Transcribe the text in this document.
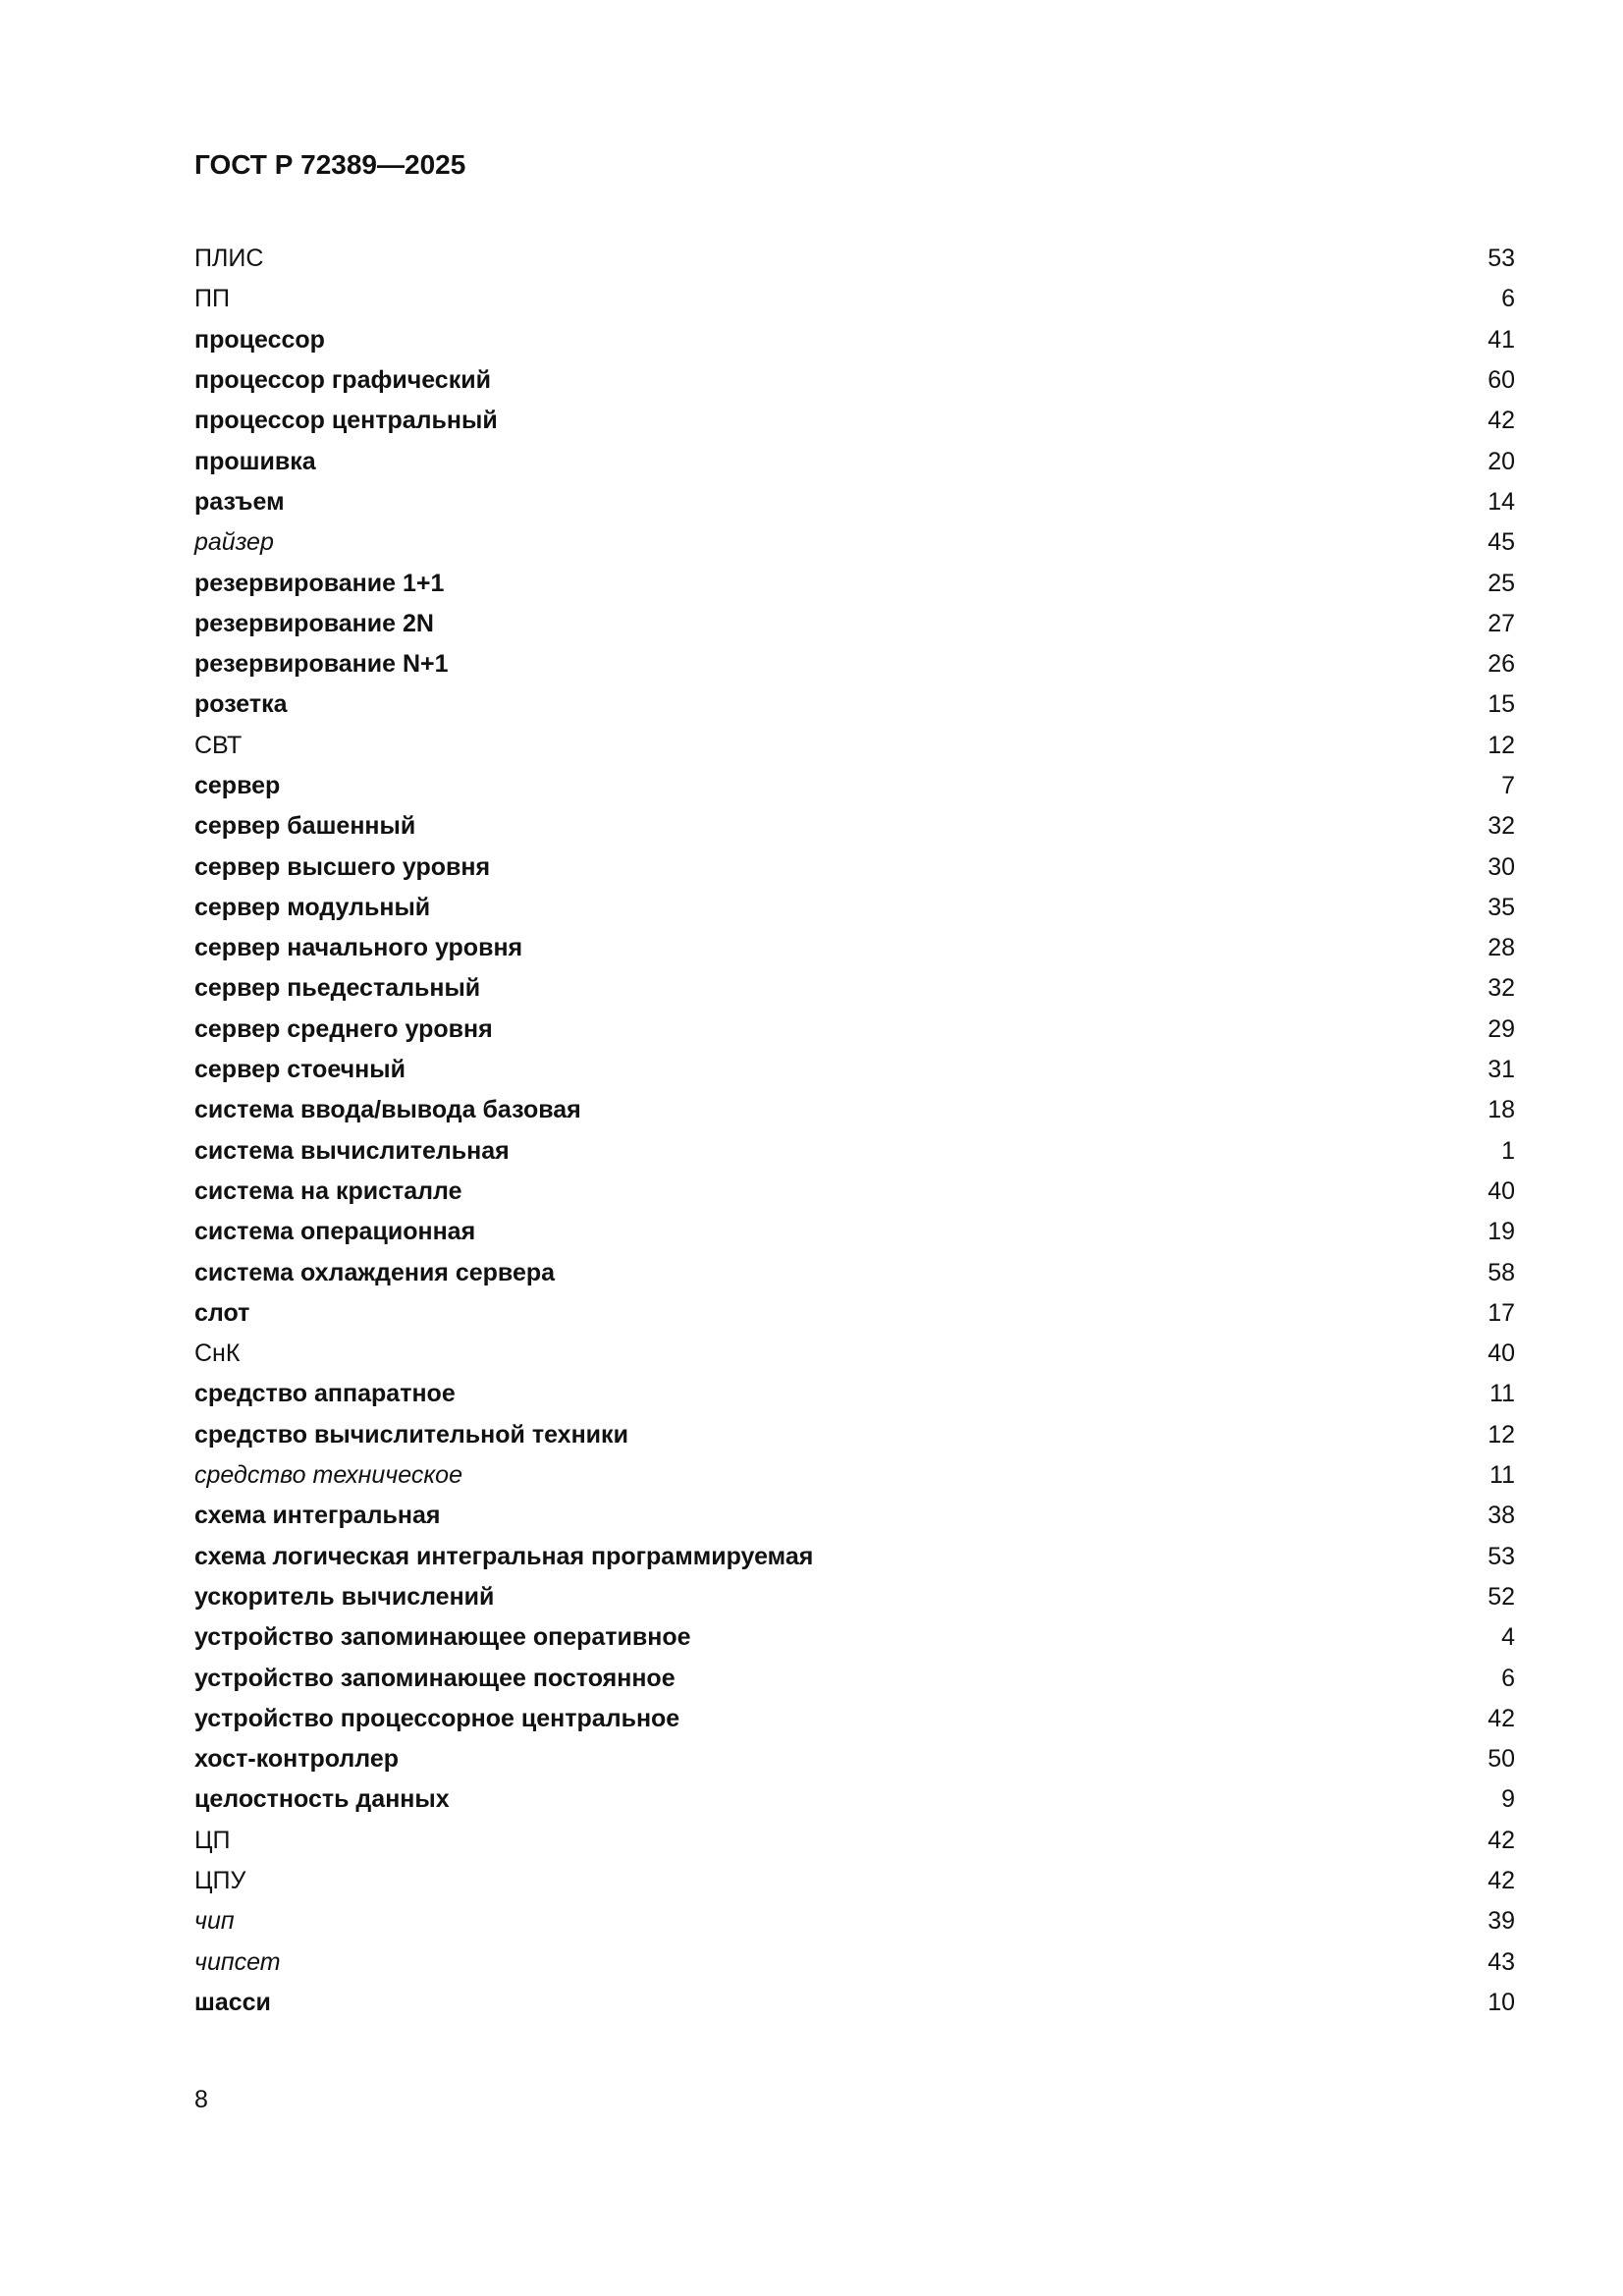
ГОСТ Р 72389—2025
ПЛИС	53
ПП	6
процессор	41
процессор графический	60
процессор центральный	42
прошивка	20
разъем	14
райзер	45
резервирование 1+1	25
резервирование 2N	27
резервирование N+1	26
розетка	15
СВТ	12
сервер	7
сервер башенный	32
сервер высшего уровня	30
сервер модульный	35
сервер начального уровня	28
сервер пьедестальный	32
сервер среднего уровня	29
сервер стоечный	31
система ввода/вывода базовая	18
система вычислительная	1
система на кристалле	40
система операционная	19
система охлаждения сервера	58
слот	17
СнК	40
средство аппаратное	11
средство вычислительной техники	12
средство техническое	11
схема интегральная	38
схема логическая интегральная программируемая	53
ускоритель вычислений	52
устройство запоминающее оперативное	4
устройство запоминающее постоянное	6
устройство процессорное центральное	42
хост-контроллер	50
целостность данных	9
ЦП	42
ЦПУ	42
чип	39
чипсет	43
шасси	10
8
